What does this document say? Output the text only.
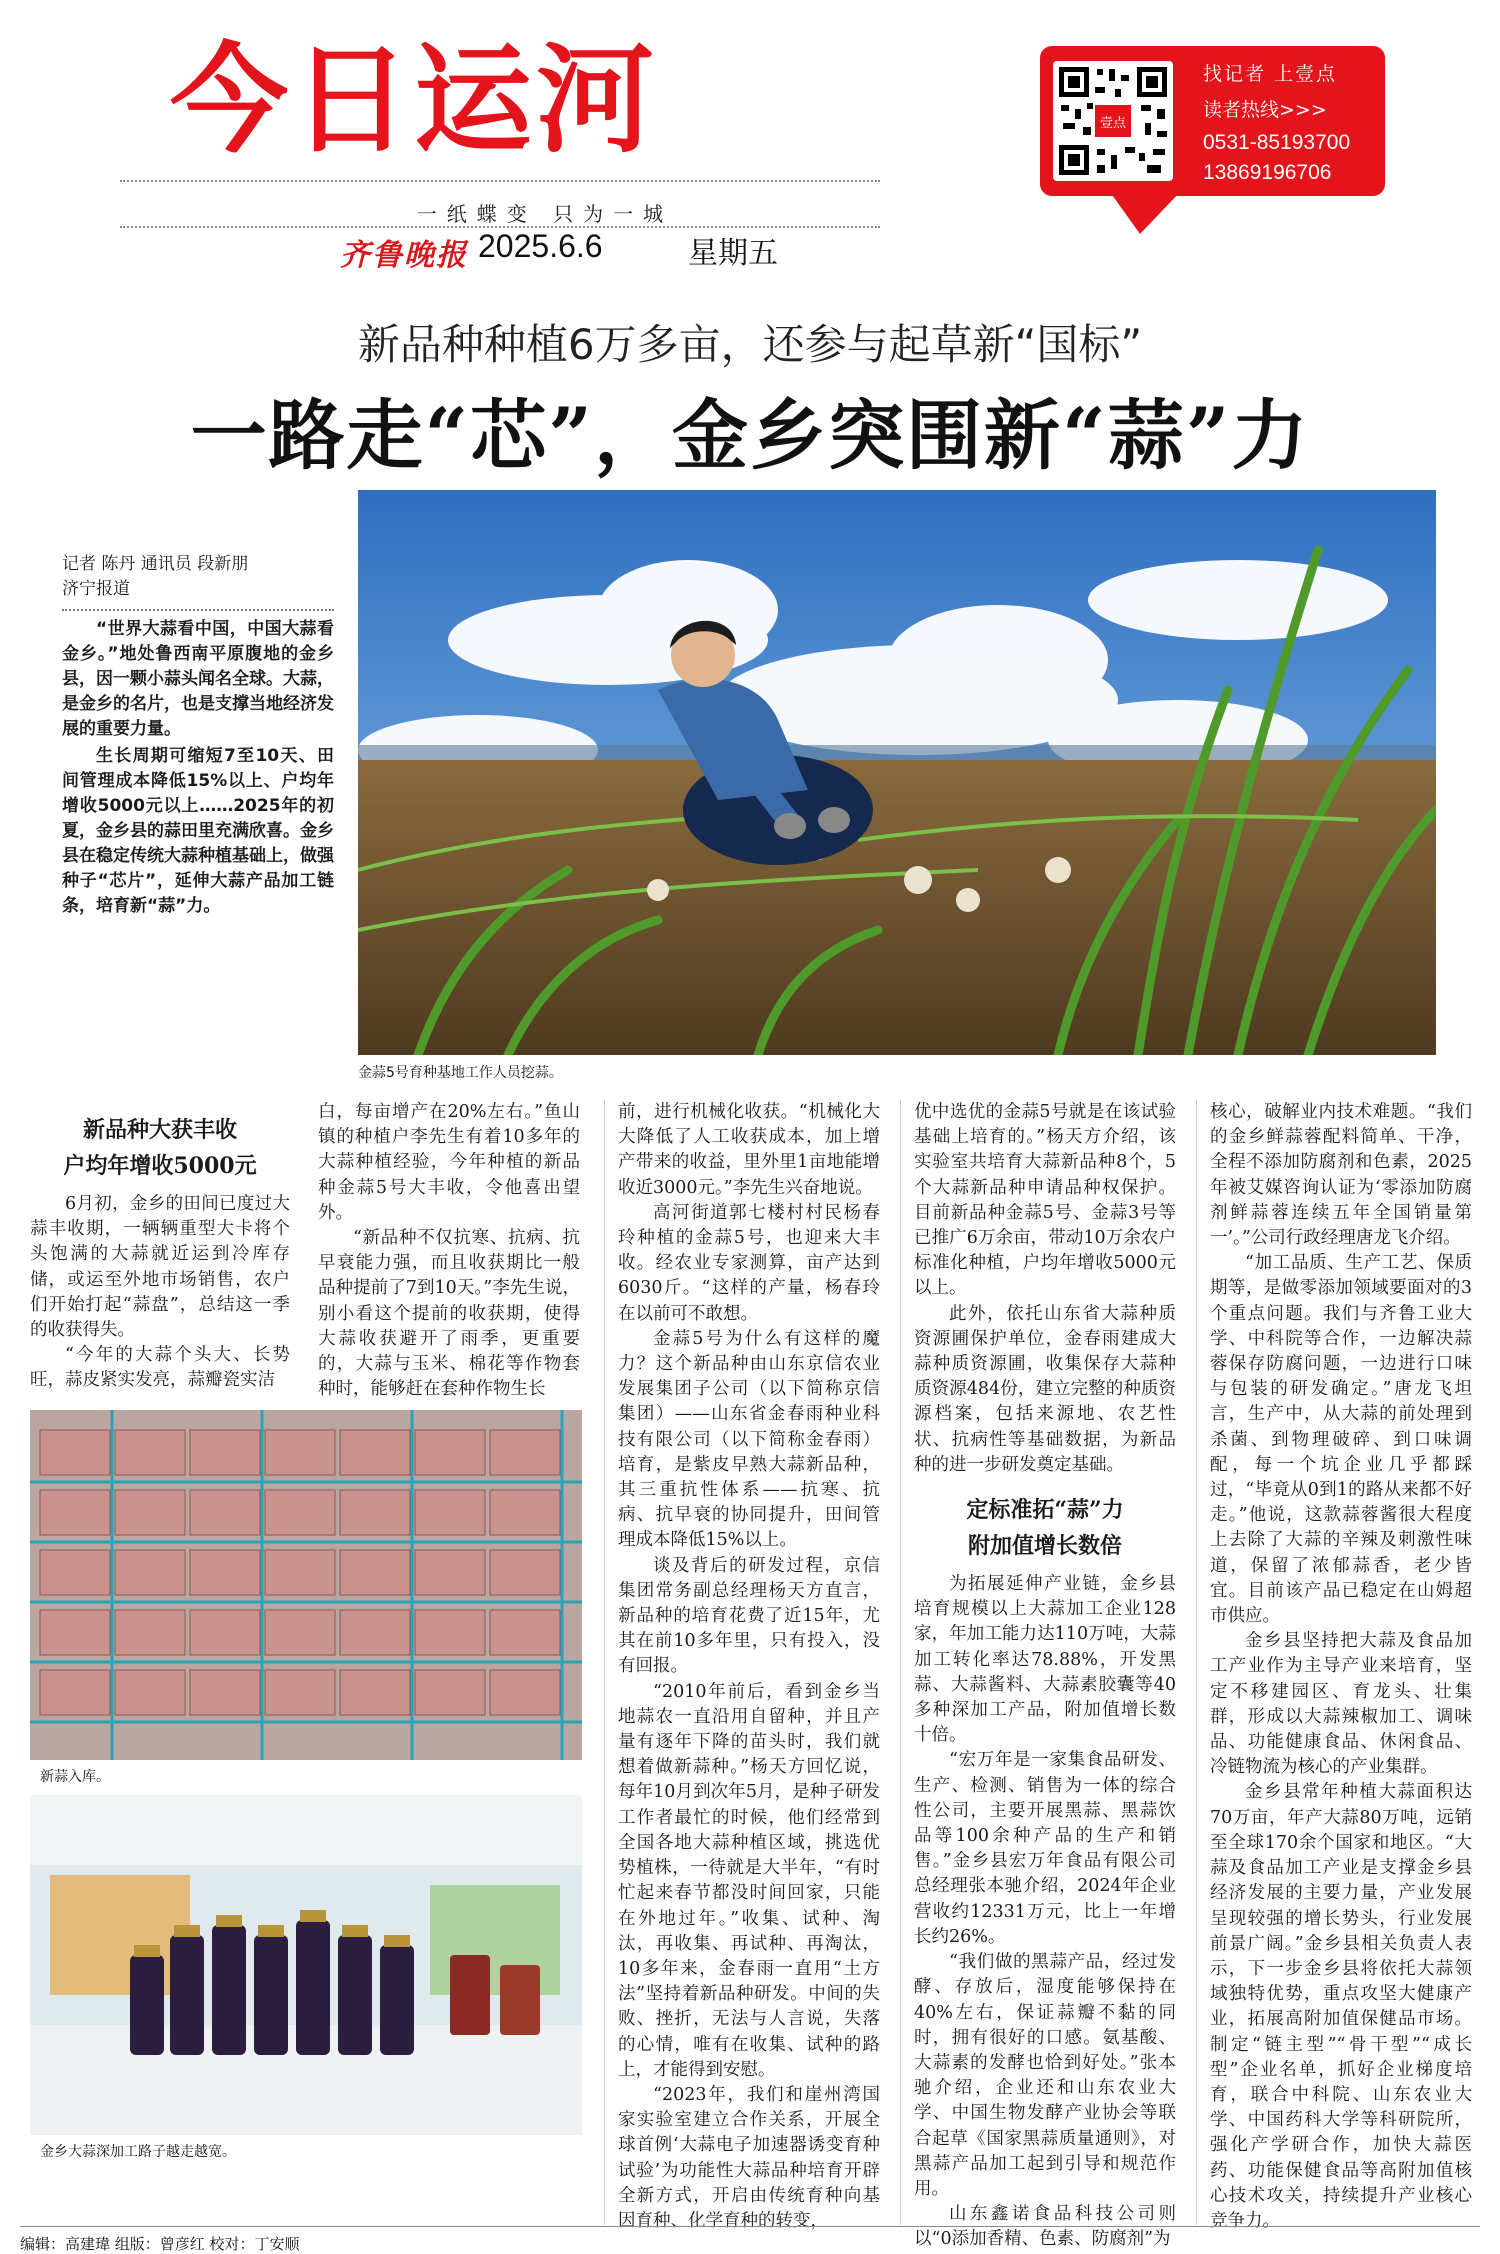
今日运河
一纸蝶变 只为一城
齐鲁晚报 2025.6.6	星期五
壹点
找记者 上壹点
读者热线>>>
0531-85193700
13869196706
新品种种植6万多亩，还参与起草新“国标”
一路走“芯”，金乡突围新“蒜”力
记者 陈丹 通讯员 段新朋
济宁报道

“世界大蒜看中国，中国大蒜看金乡。”地处鲁西南平原腹地的金乡县，因一颗小蒜头闻名全球。大蒜，是金乡的名片，也是支撑当地经济发展的重要力量。

生长周期可缩短7至10天、田间管理成本降低15%以上、户均年增收5000元以上……2025年的初夏，金乡县的蒜田里充满欣喜。金乡县在稳定传统大蒜种植基础上，做强种子“芯片”，延伸大蒜产品加工链条，培育新“蒜”力。

金蒜5号育种基地工作人员挖蒜。
新品种大获丰收
户均年增收5000元

6月初，金乡的田间已度过大蒜丰收期，一辆辆重型大卡将个头饱满的大蒜就近运到冷库存储，或运至外地市场销售，农户们开始打起“蒜盘”，总结这一季的收获得失。

“今年的大蒜个头大、长势旺，蒜皮紧实发亮，蒜瓣瓷实洁

新蒜入库。
金乡大蒜深加工路子越走越宽。

白，每亩增产在20%左右。”鱼山镇的种植户李先生有着10多年的大蒜种植经验，今年种植的新品种金蒜5号大丰收，令他喜出望外。

“新品种不仅抗寒、抗病、抗早衰能力强，而且收获期比一般品种提前了7到10天。”李先生说，别小看这个提前的收获期，使得大蒜收获避开了雨季，更重要的，大蒜与玉米、棉花等作物套种时，能够赶在套种作物生长

前，进行机械化收获。“机械化大大降低了人工收获成本，加上增产带来的收益，里外里1亩地能增收近3000元。”李先生兴奋地说。

高河街道郭七楼村村民杨春玲种植的金蒜5号，也迎来大丰收。经农业专家测算，亩产达到6030斤。“这样的产量，杨春玲在以前可不敢想。

金蒜5号为什么有这样的魔力？这个新品种由山东京信农业发展集团子公司（以下简称京信集团）——山东省金春雨种业科技有限公司（以下简称金春雨）培育，是紫皮早熟大蒜新品种，其三重抗性体系——抗寒、抗病、抗早衰的协同提升，田间管理成本降低15%以上。

谈及背后的研发过程，京信集团常务副总经理杨天方直言，新品种的培育花费了近15年，尤其在前10多年里，只有投入，没有回报。

“2010年前后，看到金乡当地蒜农一直沿用自留种，并且产量有逐年下降的苗头时，我们就想着做新蒜种。”杨天方回忆说，每年10月到次年5月，是种子研发工作者最忙的时候，他们经常到全国各地大蒜种植区域，挑选优势植株，一待就是大半年，“有时忙起来春节都没时间回家，只能在外地过年。”收集、试种、淘汰，再收集、再试种、再淘汰，10多年来，金春雨一直用“土方法”坚持着新品种研发。中间的失败、挫折，无法与人言说，失落的心情，唯有在收集、试种的路上，才能得到安慰。

“2023年，我们和崖州湾国家实验室建立合作关系，开展全球首例‘大蒜电子加速器诱变育种试验’为功能性大蒜品种培育开辟全新方式，开启由传统育种向基因育种、化学育种的转变，

优中选优的金蒜5号就是在该试验基础上培育的。”杨天方介绍，该实验室共培育大蒜新品种8个，5个大蒜新品种申请品种权保护。目前新品种金蒜5号、金蒜3号等已推广6万余亩，带动10万余农户标准化种植，户均年增收5000元以上。

此外，依托山东省大蒜种质资源圃保护单位，金春雨建成大蒜种质资源圃，收集保存大蒜种质资源484份，建立完整的种质资源档案，包括来源地、农艺性状、抗病性等基础数据，为新品种的进一步研发奠定基础。

定标准拓“蒜”力
附加值增长数倍

为拓展延伸产业链，金乡县培育规模以上大蒜加工企业128家，年加工能力达110万吨，大蒜加工转化率达78.88%，开发黑蒜、大蒜酱料、大蒜素胶囊等40多种深加工产品，附加值增长数十倍。

“宏万年是一家集食品研发、生产、检测、销售为一体的综合性公司，主要开展黑蒜、黑蒜饮品等100余种产品的生产和销售。”金乡县宏万年食品有限公司总经理张本驰介绍，2024年企业营收约12331万元，比上一年增长约26%。

“我们做的黑蒜产品，经过发酵、存放后，湿度能够保持在40%左右，保证蒜瓣不黏的同时，拥有很好的口感。氨基酸、大蒜素的发酵也恰到好处。”张本驰介绍，企业还和山东农业大学、中国生物发酵产业协会等联合起草《国家黑蒜质量通则》，对黑蒜产品加工起到引导和规范作用。

山东鑫诺食品科技公司则以“0添加香精、色素、防腐剂”为

核心，破解业内技术难题。“我们的金乡鲜蒜蓉配料简单、干净，全程不添加防腐剂和色素，2025年被艾媒咨询认证为‘零添加防腐剂鲜蒜蓉连续五年全国销量第一’。”公司行政经理唐龙飞介绍。

“加工品质、生产工艺、保质期等，是做零添加领域要面对的3个重点问题。我们与齐鲁工业大学、中科院等合作，一边解决蒜蓉保存防腐问题，一边进行口味与包装的研发确定。”唐龙飞坦言，生产中，从大蒜的前处理到杀菌、到物理破碎、到口味调配，每一个坑企业几乎都踩过，“毕竟从0到1的路从来都不好走。”他说，这款蒜蓉酱很大程度上去除了大蒜的辛辣及刺激性味道，保留了浓郁蒜香，老少皆宜。目前该产品已稳定在山姆超市供应。

金乡县坚持把大蒜及食品加工产业作为主导产业来培育，坚定不移建园区、育龙头、壮集群，形成以大蒜辣椒加工、调味品、功能健康食品、休闲食品、冷链物流为核心的产业集群。

金乡县常年种植大蒜面积达70万亩，年产大蒜80万吨，远销至全球170余个国家和地区。“大蒜及食品加工产业是支撑金乡县经济发展的主要力量，产业发展呈现较强的增长势头，行业发展前景广阔。”金乡县相关负责人表示，下一步金乡县将依托大蒜领域独特优势，重点攻坚大健康产业，拓展高附加值保健品市场。制定“链主型”“骨干型”“成长型”企业名单，抓好企业梯度培育，联合中科院、山东农业大学、中国药科大学等科研院所，强化产学研合作，加快大蒜医药、功能保健食品等高附加值核心技术攻关，持续提升产业核心竞争力。

编辑：高建瑋 组版：曾彦红 校对：丁安顺
